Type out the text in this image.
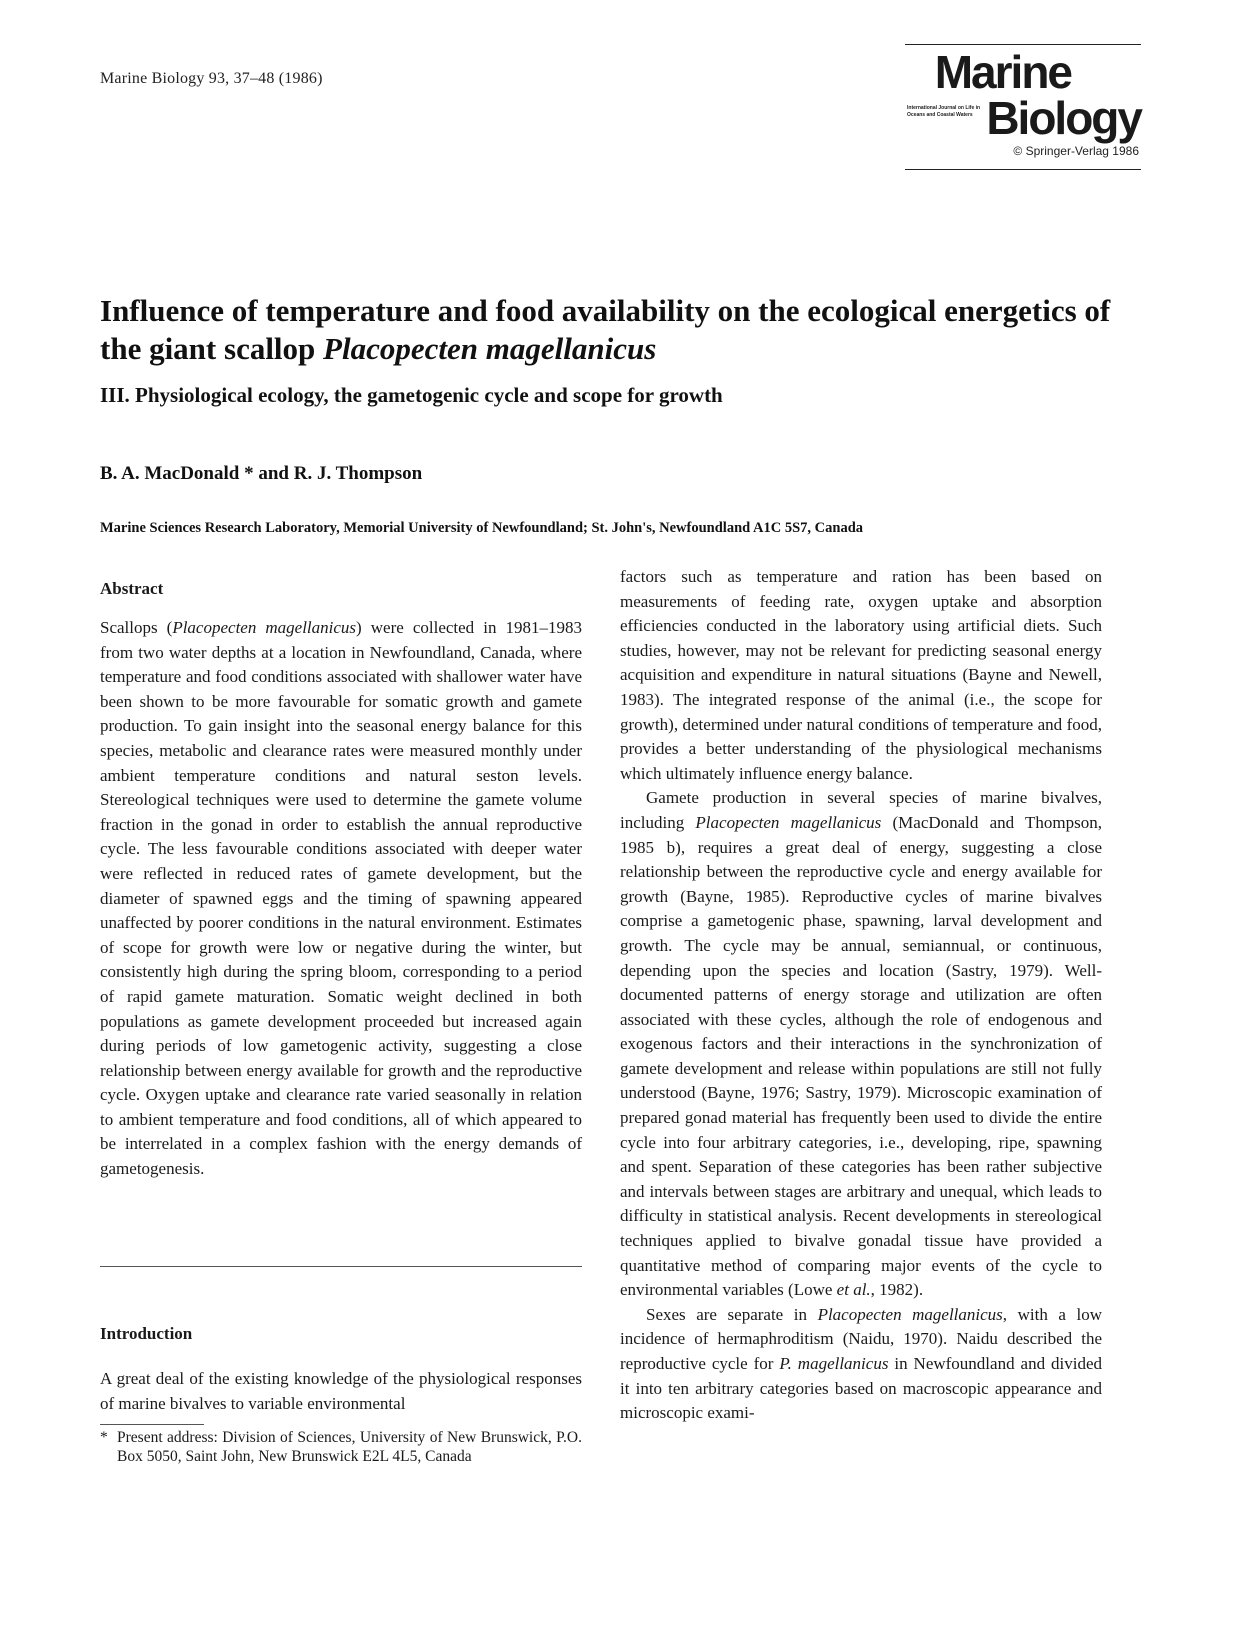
Marine Biology 93, 37–48 (1986)	Marine
International Journal on Life in Oceans and Coastal Waters Biology
© Springer-Verlag 1986
Influence of temperature and food availability on the ecological energetics of the giant scallop Placopecten magellanicus
III. Physiological ecology, the gametogenic cycle and scope for growth
B. A. MacDonald * and R. J. Thompson
Marine Sciences Research Laboratory, Memorial University of Newfoundland; St. John's, Newfoundland A1C 5S7, Canada
Abstract

Scallops (Placopecten magellanicus) were collected in 1981–1983 from two water depths at a location in Newfoundland, Canada, where temperature and food conditions associated with shallower water have been shown to be more favourable for somatic growth and gamete production. To gain insight into the seasonal energy balance for this species, metabolic and clearance rates were measured monthly under ambient temperature conditions and natural seston levels. Stereological techniques were used to determine the gamete volume fraction in the gonad in order to establish the annual reproductive cycle. The less favourable conditions associated with deeper water were reflected in reduced rates of gamete development, but the diameter of spawned eggs and the timing of spawning appeared unaffected by poorer conditions in the natural environment. Estimates of scope for growth were low or negative during the winter, but consistently high during the spring bloom, corresponding to a period of rapid gamete maturation. Somatic weight declined in both populations as gamete development proceeded but increased again during periods of low gametogenic activity, suggesting a close relationship between energy available for growth and the reproductive cycle. Oxygen uptake and clearance rate varied seasonally in relation to ambient temperature and food conditions, all of which appeared to be interrelated in a complex fashion with the energy demands of gametogenesis.

Introduction

A great deal of the existing knowledge of the physiological responses of marine bivalves to variable environmental

* Present address: Division of Sciences, University of New Brunswick, P.O. Box 5050, Saint John, New Brunswick E2L 4L5, Canada

factors such as temperature and ration has been based on measurements of feeding rate, oxygen uptake and absorption efficiencies conducted in the laboratory using artificial diets. Such studies, however, may not be relevant for predicting seasonal energy acquisition and expenditure in natural situations (Bayne and Newell, 1983). The integrated response of the animal (i.e., the scope for growth), determined under natural conditions of temperature and food, provides a better understanding of the physiological mechanisms which ultimately influence energy balance.

Gamete production in several species of marine bivalves, including Placopecten magellanicus (MacDonald and Thompson, 1985 b), requires a great deal of energy, suggesting a close relationship between the reproductive cycle and energy available for growth (Bayne, 1985). Reproductive cycles of marine bivalves comprise a gametogenic phase, spawning, larval development and growth. The cycle may be annual, semiannual, or continuous, depending upon the species and location (Sastry, 1979). Well-documented patterns of energy storage and utilization are often associated with these cycles, although the role of endogenous and exogenous factors and their interactions in the synchronization of gamete development and release within populations are still not fully understood (Bayne, 1976; Sastry, 1979). Microscopic examination of prepared gonad material has frequently been used to divide the entire cycle into four arbitrary categories, i.e., developing, ripe, spawning and spent. Separation of these categories has been rather subjective and intervals between stages are arbitrary and unequal, which leads to difficulty in statistical analysis. Recent developments in stereological techniques applied to bivalve gonadal tissue have provided a quantitative method of comparing major events of the cycle to environmental variables (Lowe et al., 1982).

Sexes are separate in Placopecten magellanicus, with a low incidence of hermaphroditism (Naidu, 1970). Naidu described the reproductive cycle for P. magellanicus in Newfoundland and divided it into ten arbitrary categories based on macroscopic appearance and microscopic exami-
